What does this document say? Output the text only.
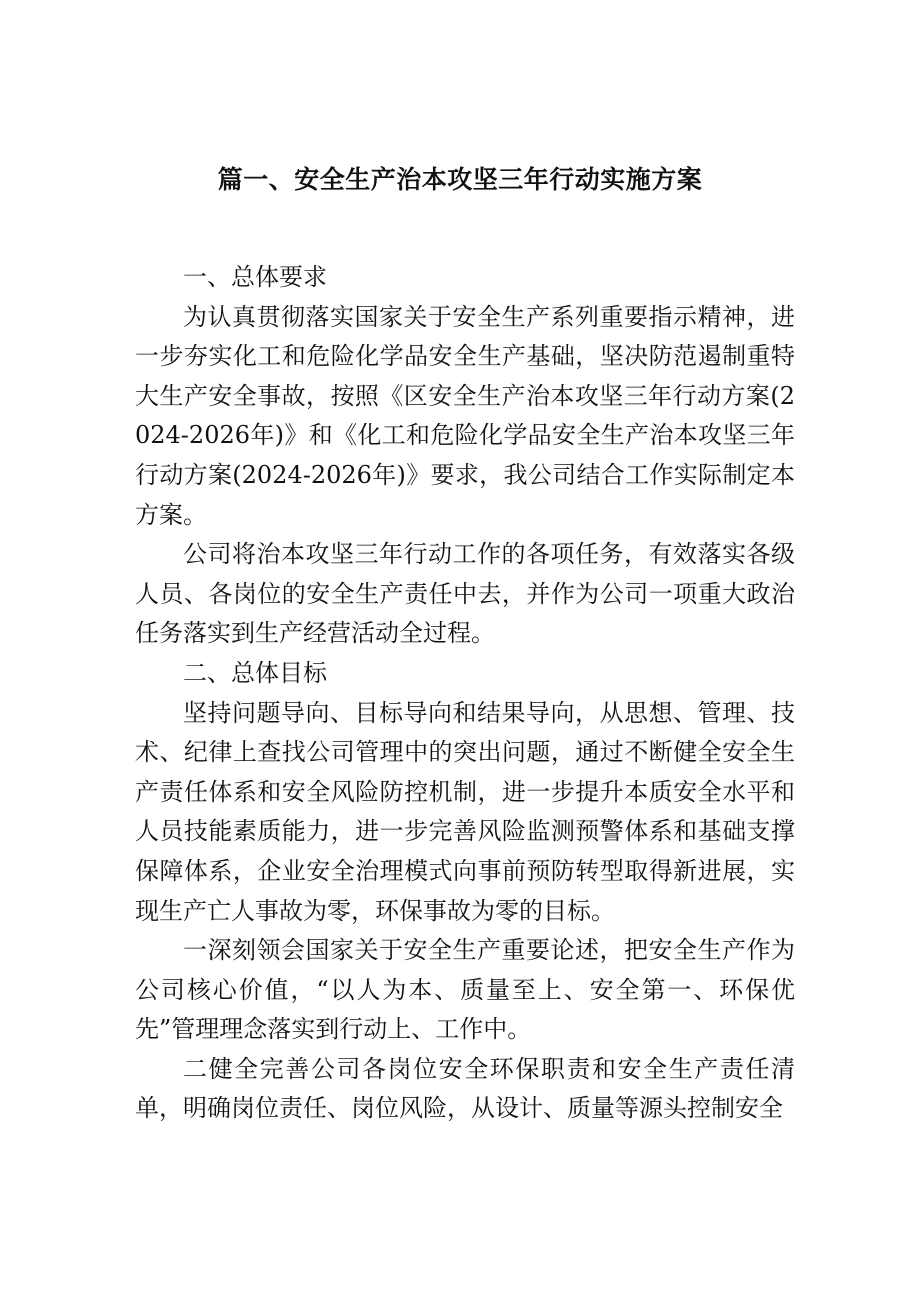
篇一、安全生产治本攻坚三年行动实施方案

一、总体要求

为认真贯彻落实国家关于安全生产系列重要指示精神，进一步夯实化工和危险化学品安全生产基础，坚决防范遏制重特大生产安全事故，按照《区安全生产治本攻坚三年行动方案(2024-2026年)》和《化工和危险化学品安全生产治本攻坚三年行动方案(2024-2026年)》要求，我公司结合工作实际制定本方案。

公司将治本攻坚三年行动工作的各项任务，有效落实各级人员、各岗位的安全生产责任中去，并作为公司一项重大政治任务落实到生产经营活动全过程。

二、总体目标

坚持问题导向、目标导向和结果导向，从思想、管理、技术、纪律上查找公司管理中的突出问题，通过不断健全安全生产责任体系和安全风险防控机制，进一步提升本质安全水平和人员技能素质能力，进一步完善风险监测预警体系和基础支撑保障体系，企业安全治理模式向事前预防转型取得新进展，实现生产亡人事故为零，环保事故为零的目标。

一深刻领会国家关于安全生产重要论述，把安全生产作为公司核心价值，“以人为本、质量至上、安全第一、环保优先”管理理念落实到行动上、工作中。

二健全完善公司各岗位安全环保职责和安全生产责任清单，明确岗位责任、岗位风险，从设计、质量等源头控制安全
